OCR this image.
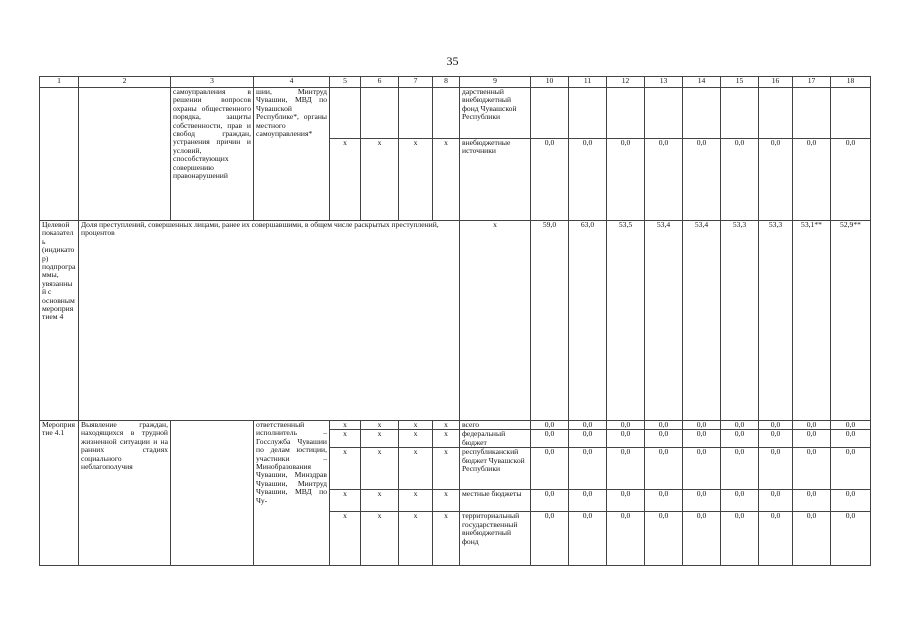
35
1	2	3	4	5	6	7	8	9	10	11	12	13	14	15	16	17	18
		самоуправления в решении вопросов охраны общественного порядка, защиты собственности, прав и свобод граждан, устранения причин и условий, способствующих совершению правонарушений	шии, Минтруд Чувашии, МВД по Чувашской Республике*, органы местного самоуправления*					дарственный внебюджетный фонд Чувашской Республики									
				x	x	x	x	внебюджетные источники	0,0	0,0	0,0	0,0	0,0	0,0	0,0	0,0	0,0
Целевой показатель (индикатор) подпрограммы, увязанный с основным мероприятием 4	Доля преступлений, совершенных лицами, ранее их совершавшими, в общем числе раскрытых преступлений, процентов							x	59,0	63,0	53,5	53,4	53,4	53,3	53,3	53,1**	52,9**
Мероприятие 4.1	Выявление граждан, находящихся в трудной жизненной ситуации и на ранних стадиях социального неблагополучия		ответственный исполнитель – Госслужба Чувашии по делам юстиции, участники – Минобразования Чувашии, Минздрав Чувашии, Минтруд Чувашии, МВД по Чу-	x	x	x	x	всего	0,0	0,0	0,0	0,0	0,0	0,0	0,0	0,0	0,0
				x	x	x	x	федеральный бюджет	0,0	0,0	0,0	0,0	0,0	0,0	0,0	0,0	0,0
				x	x	x	x	республиканский бюджет Чувашской Республики	0,0	0,0	0,0	0,0	0,0	0,0	0,0	0,0	0,0
				x	x	x	x	местные бюджеты	0,0	0,0	0,0	0,0	0,0	0,0	0,0	0,0	0,0
				x	x	x	x	территориальный государственный внебюджетный фонд	0,0	0,0	0,0	0,0	0,0	0,0	0,0	0,0	0,0
